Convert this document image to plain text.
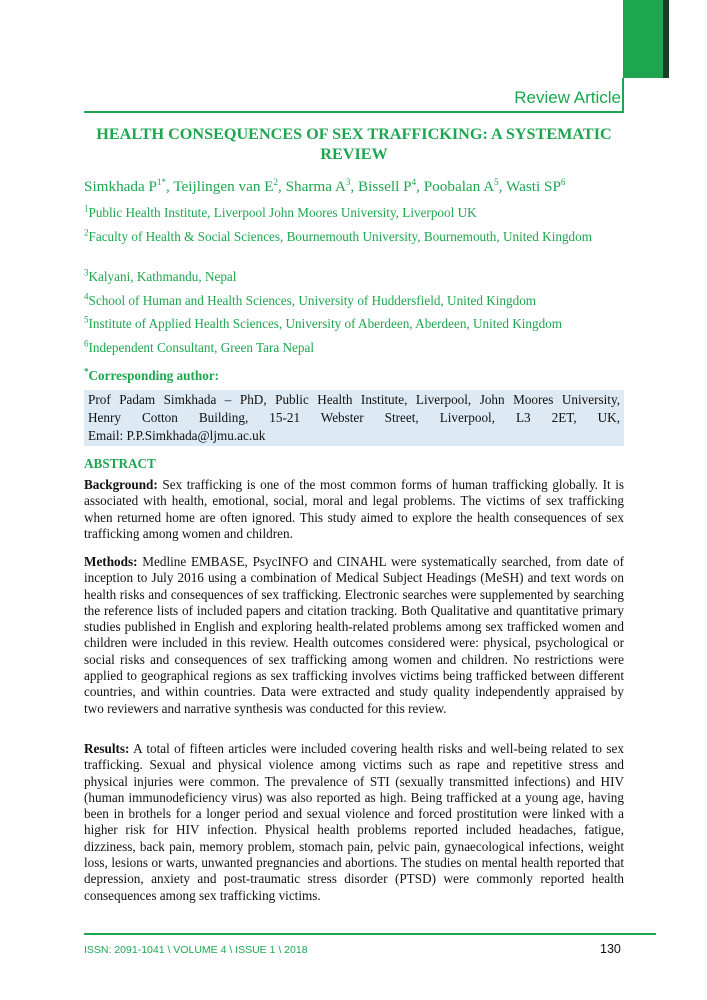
Review Article
HEALTH CONSEQUENCES OF SEX TRAFFICKING: A SYSTEMATIC REVIEW
Simkhada $P^{1*}$, Teijlingen van $E^2$, Sharma $A^3$, Bissell $P^4$, Poobalan $A^5$, Wasti $SP^6$
$^1$Public Health Institute, Liverpool John Moores University, Liverpool UK
$^2$Faculty of Health & Social Sciences, Bournemouth University, Bournemouth, United Kingdom
$^3$Kalyani, Kathmandu, Nepal
$^4$School of Human and Health Sciences, University of Huddersfield, United Kingdom
$^5$Institute of Applied Health Sciences, University of Aberdeen, Aberdeen, United Kingdom
$^6$Independent Consultant, Green Tara Nepal
*Corresponding author:
Prof Padam Simkhada – PhD, Public Health Institute, Liverpool, John Moores University,
Henry Cotton Building, 15-21 Webster Street, Liverpool, L3 2ET, UK,
Email: P.P.Simkhada@ljmu.ac.uk
ABSTRACT

Background: Sex trafficking is one of the most common forms of human trafficking globally. It is associated with health, emotional, social, moral and legal problems. The victims of sex trafficking when returned home are often ignored. This study aimed to explore the health consequences of sex trafficking among women and children.

Methods: Medline EMBASE, PsycINFO and CINAHL were systematically searched, from date of inception to July 2016 using a combination of Medical Subject Headings (MeSH) and text words on health risks and consequences of sex trafficking. Electronic searches were supplemented by searching the reference lists of included papers and citation tracking. Both Qualitative and quantitative primary studies published in English and exploring health-related problems among sex trafficked women and children were included in this review. Health outcomes considered were: physical, psychological or social risks and consequences of sex trafficking among women and children. No restrictions were applied to geographical regions as sex trafficking involves victims being trafficked between different countries, and within countries. Data were extracted and study quality independently appraised by two reviewers and narrative synthesis was conducted for this review.

Results: A total of fifteen articles were included covering health risks and well-being related to sex trafficking. Sexual and physical violence among victims such as rape and repetitive stress and physical injuries were common. The prevalence of STI (sexually transmitted infections) and HIV (human immunodeficiency virus) was also reported as high. Being trafficked at a young age, having been in brothels for a longer period and sexual violence and forced prostitution were linked with a higher risk for HIV infection. Physical health problems reported included headaches, fatigue, dizziness, back pain, memory problem, stomach pain, pelvic pain, gynaecological infections, weight loss, lesions or warts, unwanted pregnancies and abortions. The studies on mental health reported that depression, anxiety and post-traumatic stress disorder (PTSD) were commonly reported health consequences among sex trafficking victims.

ISSN: 2091-1041 \ VOLUME 4 \ ISSUE 1 \ 2018	130
